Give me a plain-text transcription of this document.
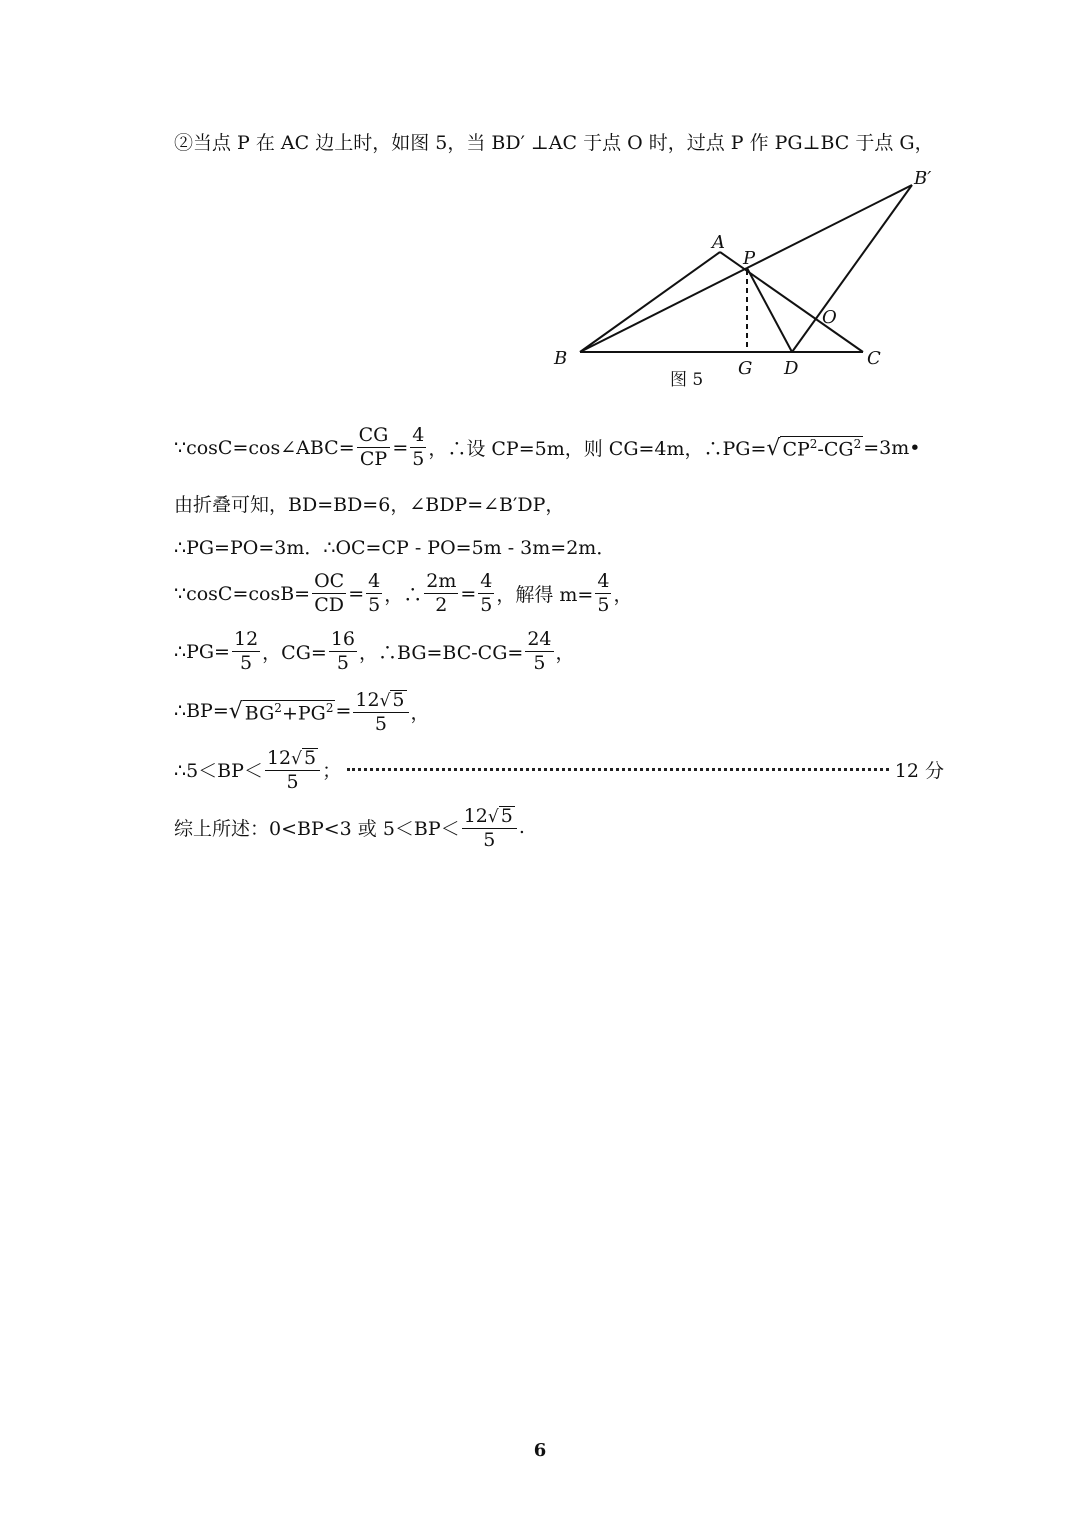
②当点 P 在 AC 边上时，如图 5，当 BD′ ⊥AC 于点 O 时，过点 P 作 PG⊥BC 于点 G，
A
P
B	C
D
G
O
B′
图 5
∵cosC=cos∠ABC= $\frac{CG}{CP} = \frac{4}{5}$ ，∴设 CP=5m，则 CG=4m，∴PG= √ $CP^2-CG^2$ =3m•
由折叠可知，BD=BD=6，∠BDP=∠B′DP，
∴PG=PO=3m．∴OC=CP - PO=5m - 3m=2m．
∵cosC=cosB= $\frac{OC}{CD} = \frac{4}{5}$ ，∴ $\frac{2m}{2} = \frac{4}{5}$ ，解得 $m= \frac{4}{5}$ ，
∴PG= $\frac{12}{5}$ ，$CG= \frac{16}{5}$ ，∴BG=BC-CG= $\frac{24}{5}$ ，
∴BP= √ $BG^2+PG^2 = \frac{12 √ 5}{5}$ ，
∴5＜BP＜ $\frac{12 √ 5}{5}$ ；	12 分
综上所述：0<BP<3 或 $5<BP< \frac{12 √ 5}{5}$ .
6
